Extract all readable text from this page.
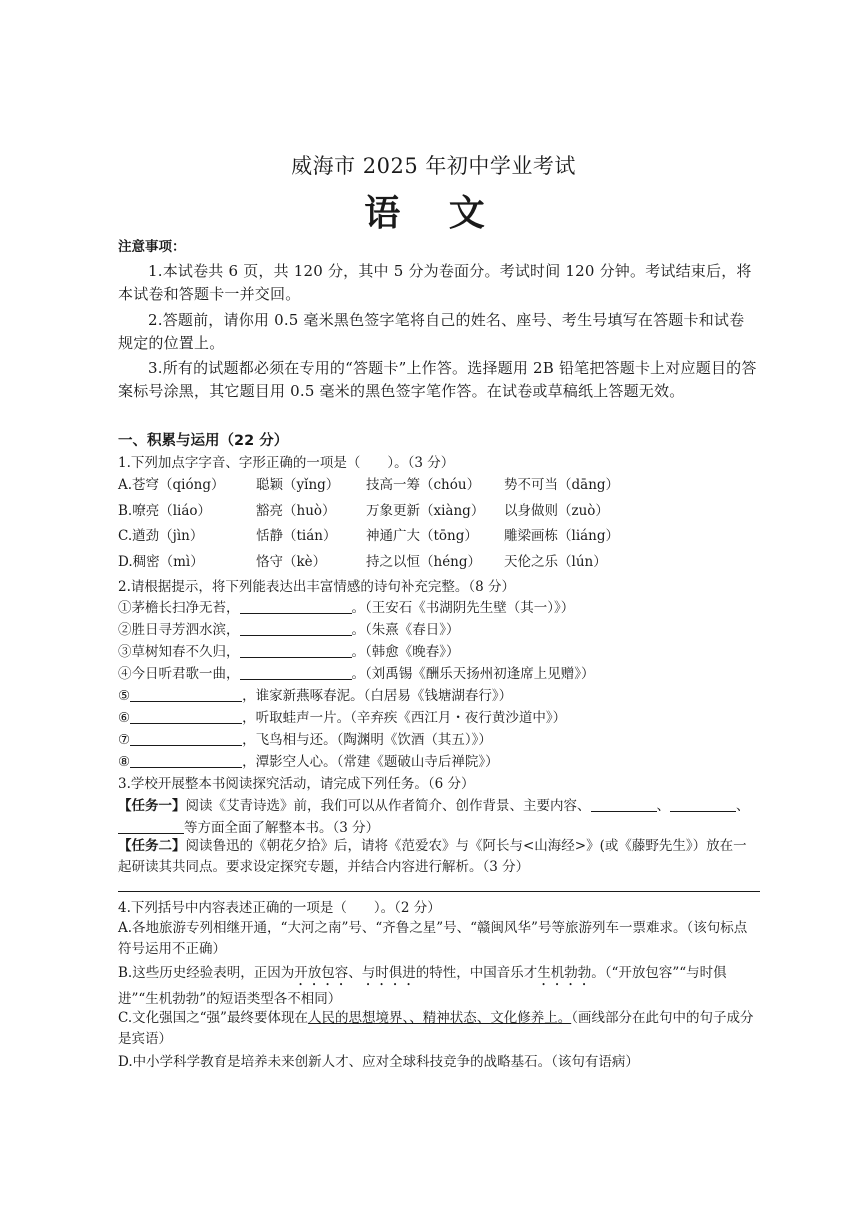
威海市 2025 年初中学业考试
语 文
注意事项：
1.本试卷共 6 页，共 120 分，其中 5 分为卷面分。考试时间 120 分钟。考试结束后，将本试卷和答题卡一并交回。
2.答题前，请你用 0.5 毫米黑色签字笔将自己的姓名、座号、考生号填写在答题卡和试卷规定的位置上。
3.所有的试题都必须在专用的“答题卡”上作答。选择题用 2B 铅笔把答题卡上对应题目的答案标号涂黑，其它题目用 0.5 毫米的黑色签字笔作答。在试卷或草稿纸上答题无效。
一、积累与运用（22 分）
1.下列加点字字音、字形正确的一项是（　　）。（3 分）
A.苍穹（qióng） 聪颖（yǐng） 技高一筹（chóu） 势不可当（dāng）
B.嘹亮（liáo）	豁亮（huò） 万象更新（xiàng） 以身做则（zuò）
C.遒劲（jìn）	恬静（tián） 神通广大（tōng） 雕梁画栋（liáng）
D.稠密（mì）	恪守（kè）	持之以恒（héng） 天伦之乐（lún）
2.请根据提示，将下列能表达出丰富情感的诗句补充完整。（8 分）
①茅檐长扫净无苔，	。（王安石《书湖阴先生壁（其一）》）
②胜日寻芳泗水滨，	。（朱熹《春日》）
③草树知春不久归，	。（韩愈《晚春》）
④今日听君歌一曲，	。（刘禹锡《酬乐天扬州初逢席上见赠》）
⑤	，谁家新燕啄春泥。（白居易《钱塘湖春行》）
⑥	，听取蛙声一片。（辛弃疾《西江月・夜行黄沙道中》）
⑦	，飞鸟相与还。（陶渊明《饮酒（其五）》）
⑧	，潭影空人心。（常建《题破山寺后禅院》）
3.学校开展整本书阅读探究活动，请完成下列任务。（6 分）
【任务一】阅读《艾青诗选》前，我们可以从作者简介、创作背景、主要内容、	、	、
等方面全面了解整本书。（3 分）
【任务二】阅读鲁迅的《朝花夕拾》后，请将《范爱农》与《阿长与<山海经>》(或《藤野先生》）放在一起研读其共同点。要求设定探究专题，并结合内容进行解析。（3 分）
4.下列括号中内容表述正确的一项是（　　）。（2 分）
A.各地旅游专列相继开通，“大河之南”号、“齐鲁之星”号、“赣闽风华”号等旅游列车一票难求。（该句标点符号运用不正确）
B.这些历史经验表明，正因为开放包容、与时俱进的特性，中国音乐才生机勃勃。（“开放包容”“与时俱进”“生机勃勃”的短语类型各不相同）
C.文化强国之“强”最终要体现在人民的思想境界、、精神状态、文化修养上。（画线部分在此句中的句子成分是宾语）
D.中小学科学教育是培养未来创新人才、应对全球科技竞争的战略基石。（该句有语病）
